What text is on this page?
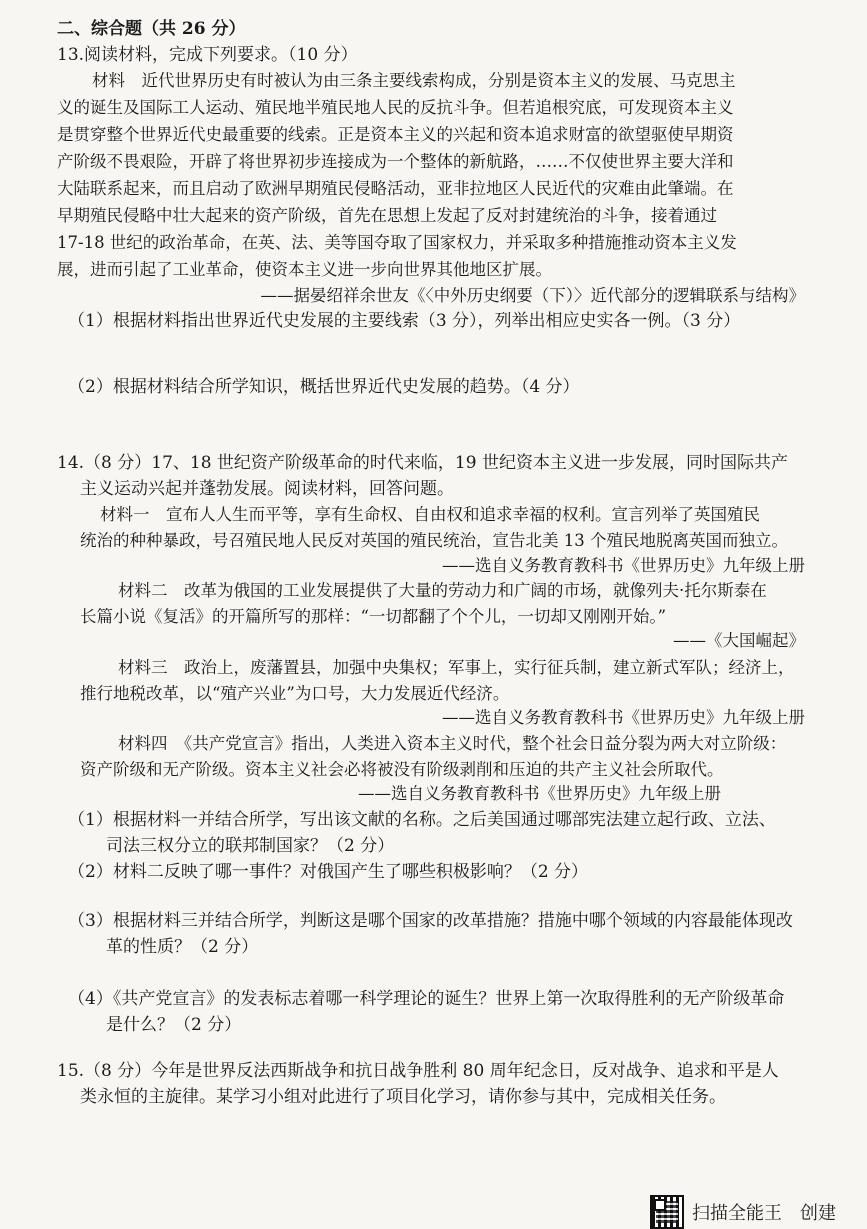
二、综合题（共 26 分）
13.阅读材料，完成下列要求。（10 分）
材料　近代世界历史有时被认为由三条主要线索构成，分别是资本主义的发展、马克思主
义的诞生及国际工人运动、殖民地半殖民地人民的反抗斗争。但若追根究底，可发现资本主义
是贯穿整个世界近代史最重要的线索。正是资本主义的兴起和资本追求财富的欲望驱使早期资
产阶级不畏艰险，开辟了将世界初步连接成为一个整体的新航路，……不仅使世界主要大洋和
大陆联系起来，而且启动了欧洲早期殖民侵略活动，亚非拉地区人民近代的灾难由此肇端。在
早期殖民侵略中壮大起来的资产阶级，首先在思想上发起了反对封建统治的斗争，接着通过
17-18 世纪的政治革命，在英、法、美等国夺取了国家权力，并采取多种措施推动资本主义发
展，进而引起了工业革命，使资本主义进一步向世界其他地区扩展。
——据晏绍祥余世友《〈中外历史纲要（下）〉近代部分的逻辑联系与结构》
（1）根据材料指出世界近代史发展的主要线索（3 分），列举出相应史实各一例。（3 分）
（2）根据材料结合所学知识，概括世界近代史发展的趋势。（4 分）
14.（8 分）17、18 世纪资产阶级革命的时代来临，19 世纪资本主义进一步发展，同时国际共产
主义运动兴起并蓬勃发展。阅读材料，回答问题。
材料一　宣布人人生而平等，享有生命权、自由权和追求幸福的权利。宣言列举了英国殖民
统治的种种暴政，号召殖民地人民反对英国的殖民统治，宣告北美 13 个殖民地脱离英国而独立。
——选自义务教育教科书《世界历史》九年级上册
材料二　改革为俄国的工业发展提供了大量的劳动力和广阔的市场，就像列夫·托尔斯泰在
长篇小说《复活》的开篇所写的那样：“一切都翻了个个儿，一切却又刚刚开始。”
——《大国崛起》
材料三　政治上，废藩置县，加强中央集权；军事上，实行征兵制，建立新式军队；经济上，
推行地税改革，以“殖产兴业”为口号，大力发展近代经济。
——选自义务教育教科书《世界历史》九年级上册
材料四　《共产党宣言》指出，人类进入资本主义时代，整个社会日益分裂为两大对立阶级：
资产阶级和无产阶级。资本主义社会必将被没有阶级剥削和压迫的共产主义社会所取代。
——选自义务教育教科书《世界历史》九年级上册
（1）根据材料一并结合所学，写出该文献的名称。之后美国通过哪部宪法建立起行政、立法、
司法三权分立的联邦制国家？（2 分）
（2）材料二反映了哪一事件？对俄国产生了哪些积极影响？（2 分）
（3）根据材料三并结合所学，判断这是哪个国家的改革措施？措施中哪个领域的内容最能体现改
革的性质？（2 分）
（4）《共产党宣言》的发表标志着哪一科学理论的诞生？世界上第一次取得胜利的无产阶级革命
是什么？（2 分）
15.（8 分）今年是世界反法西斯战争和抗日战争胜利 80 周年纪念日，反对战争、追求和平是人
类永恒的主旋律。某学习小组对此进行了项目化学习，请你参与其中，完成相关任务。
扫描全能王　创建
